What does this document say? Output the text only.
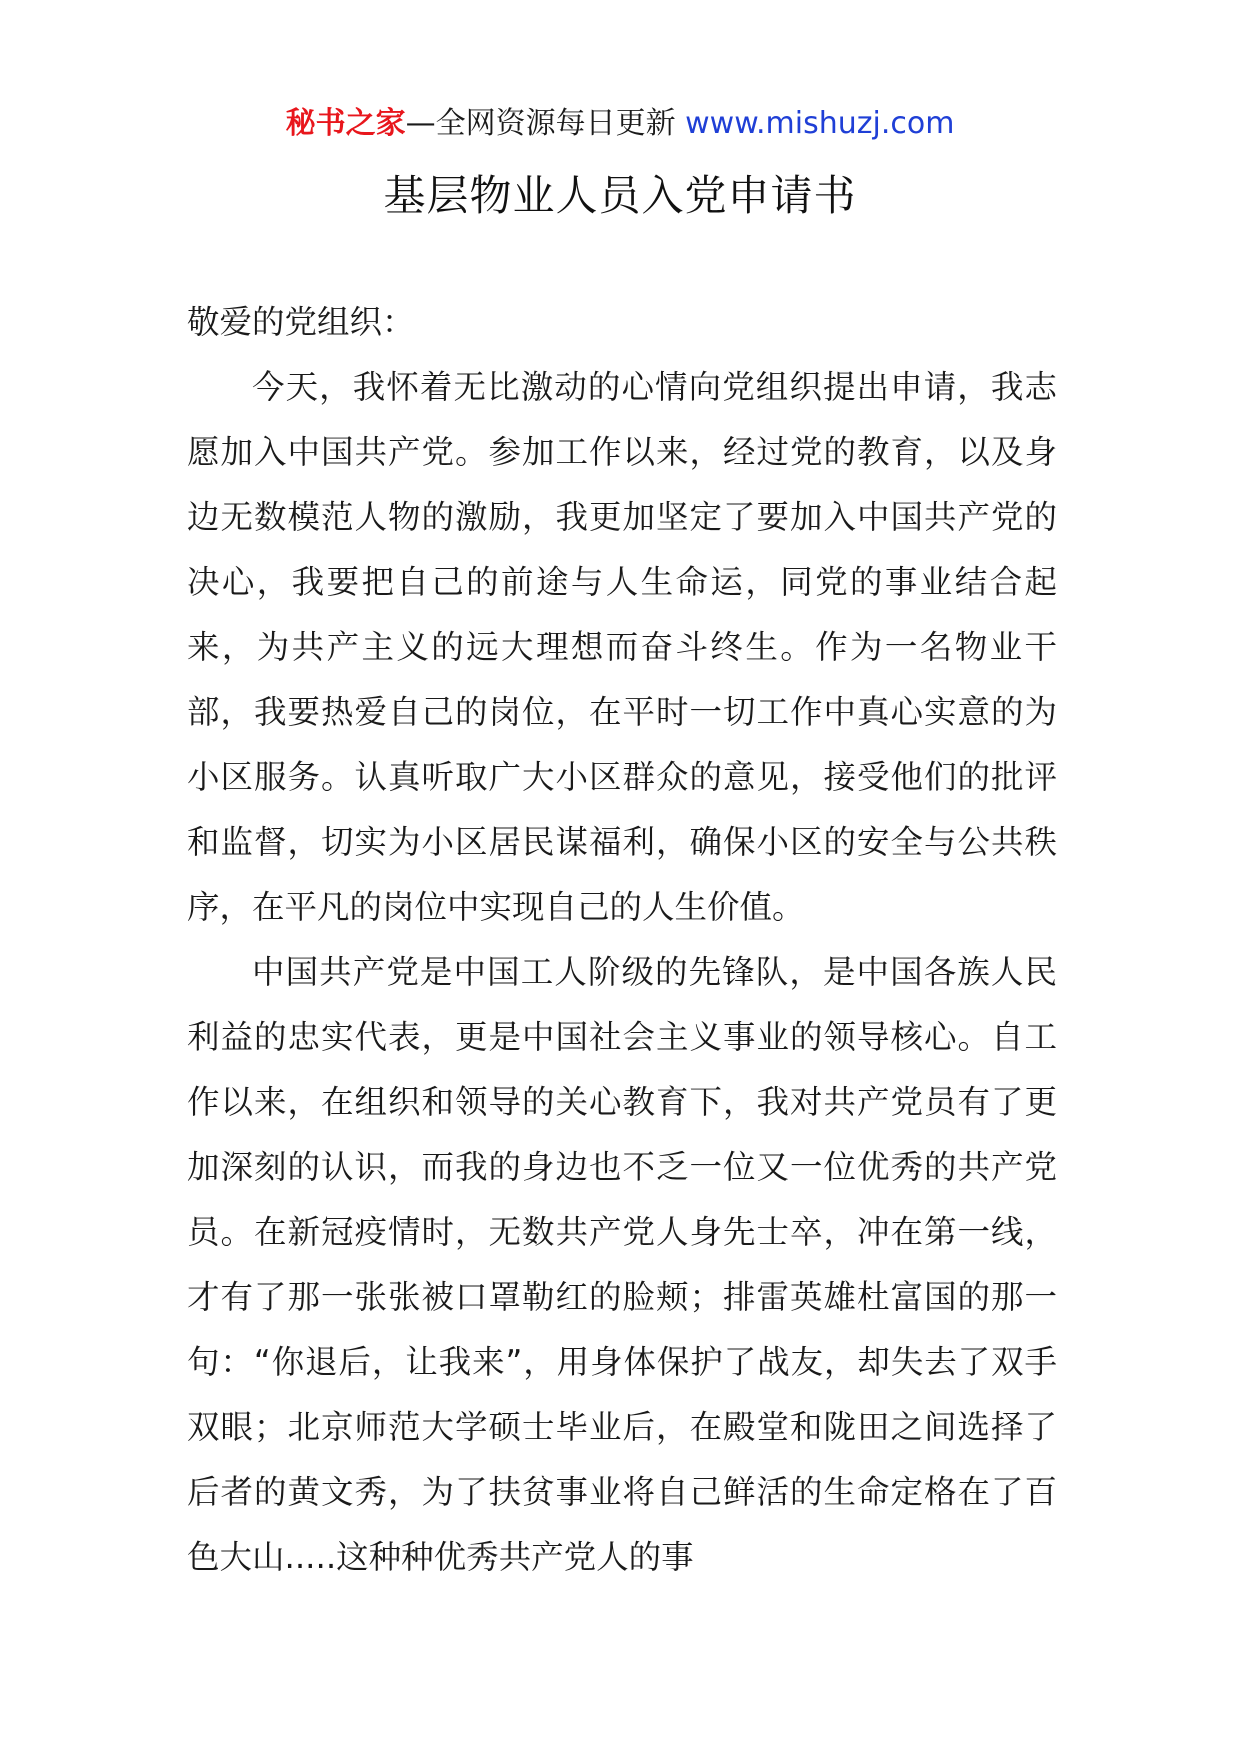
秘书之家—全网资源每日更新 www.mishuzj.com
基层物业人员入党申请书

敬爱的党组织：

今天，我怀着无比激动的心情向党组织提出申请，我志愿加入中国共产党。参加工作以来，经过党的教育，以及身边无数模范人物的激励，我更加坚定了要加入中国共产党的决心，我要把自己的前途与人生命运，同党的事业结合起来，为共产主义的远大理想而奋斗终生。作为一名物业干部，我要热爱自己的岗位，在平时一切工作中真心实意的为小区服务。认真听取广大小区群众的意见，接受他们的批评和监督，切实为小区居民谋福利，确保小区的安全与公共秩序，在平凡的岗位中实现自己的人生价值。

中国共产党是中国工人阶级的先锋队，是中国各族人民利益的忠实代表，更是中国社会主义事业的领导核心。自工作以来，在组织和领导的关心教育下，我对共产党员有了更加深刻的认识，而我的身边也不乏一位又一位优秀的共产党员。在新冠疫情时，无数共产党人身先士卒，冲在第一线，才有了那一张张被口罩勒红的脸颊；排雷英雄杜富国的那一句：“你退后，让我来”，用身体保护了战友，却失去了双手双眼；北京师范大学硕士毕业后，在殿堂和陇田之间选择了后者的黄文秀，为了扶贫事业将自己鲜活的生命定格在了百色大山.....这种种优秀共产党人的事
